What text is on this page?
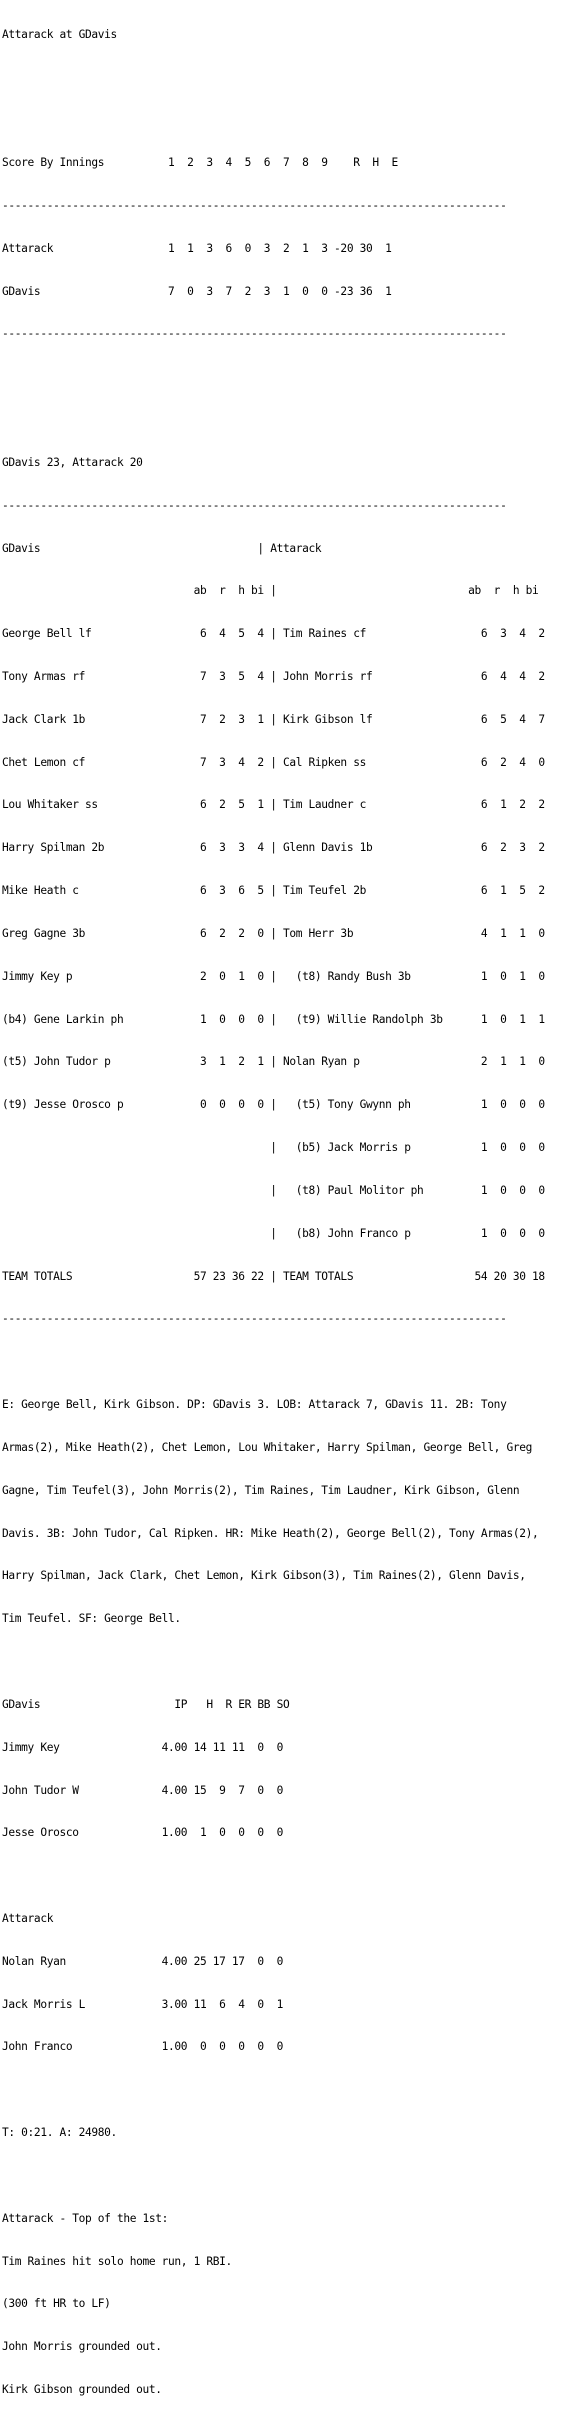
Attarack at GDavis

Score By Innings          1  2  3  4  5  6  7  8  9    R  H  E

-------------------------------------------------------------------------------

Attarack                  1  1  3  6  0  3  2  1  3 -20 30  1

GDavis                    7  0  3  7  2  3  1  0  0 -23 36  1

-------------------------------------------------------------------------------

GDavis 23, Attarack 20

-------------------------------------------------------------------------------

GDavis                                  | Attarack

ab  r  h bi |                              ab  r  h bi

George Bell lf                 6  4  5  4 | Tim Raines cf                  6  3  4  2

Tony Armas rf                  7  3  5  4 | John Morris rf                 6  4  4  2

Jack Clark 1b                  7  2  3  1 | Kirk Gibson lf                 6  5  4  7

Chet Lemon cf                  7  3  4  2 | Cal Ripken ss                  6  2  4  0

Lou Whitaker ss                6  2  5  1 | Tim Laudner c                  6  1  2  2

Harry Spilman 2b               6  3  3  4 | Glenn Davis 1b                 6  2  3  2

Mike Heath c                   6  3  6  5 | Tim Teufel 2b                  6  1  5  2

Greg Gagne 3b                  6  2  2  0 | Tom Herr 3b                    4  1  1  0

Jimmy Key p                    2  0  1  0 |   (t8) Randy Bush 3b           1  0  1  0

(b4) Gene Larkin ph            1  0  0  0 |   (t9) Willie Randolph 3b      1  0  1  1

(t5) John Tudor p              3  1  2  1 | Nolan Ryan p                   2  1  1  0

(t9) Jesse Orosco p            0  0  0  0 |   (t5) Tony Gwynn ph           1  0  0  0

|   (b5) Jack Morris p           1  0  0  0

|   (t8) Paul Molitor ph         1  0  0  0

|   (b8) John Franco p           1  0  0  0

TEAM TOTALS                   57 23 36 22 | TEAM TOTALS                   54 20 30 18

-------------------------------------------------------------------------------

E: George Bell, Kirk Gibson. DP: GDavis 3. LOB: Attarack 7, GDavis 11. 2B: Tony

Armas(2), Mike Heath(2), Chet Lemon, Lou Whitaker, Harry Spilman, George Bell, Greg

Gagne, Tim Teufel(3), John Morris(2), Tim Raines, Tim Laudner, Kirk Gibson, Glenn

Davis. 3B: John Tudor, Cal Ripken. HR: Mike Heath(2), George Bell(2), Tony Armas(2),

Harry Spilman, Jack Clark, Chet Lemon, Kirk Gibson(3), Tim Raines(2), Glenn Davis,

Tim Teufel. SF: George Bell.

GDavis                     IP   H  R ER BB SO

Jimmy Key                4.00 14 11 11  0  0

John Tudor W             4.00 15  9  7  0  0

Jesse Orosco             1.00  1  0  0  0  0

Attarack

Nolan Ryan               4.00 25 17 17  0  0

Jack Morris L            3.00 11  6  4  0  1

John Franco              1.00  0  0  0  0  0

T: 0:21. A: 24980.

Attarack - Top of the 1st:

Tim Raines hit solo home run, 1 RBI.

(300 ft HR to LF)

John Morris grounded out.

Kirk Gibson grounded out.
